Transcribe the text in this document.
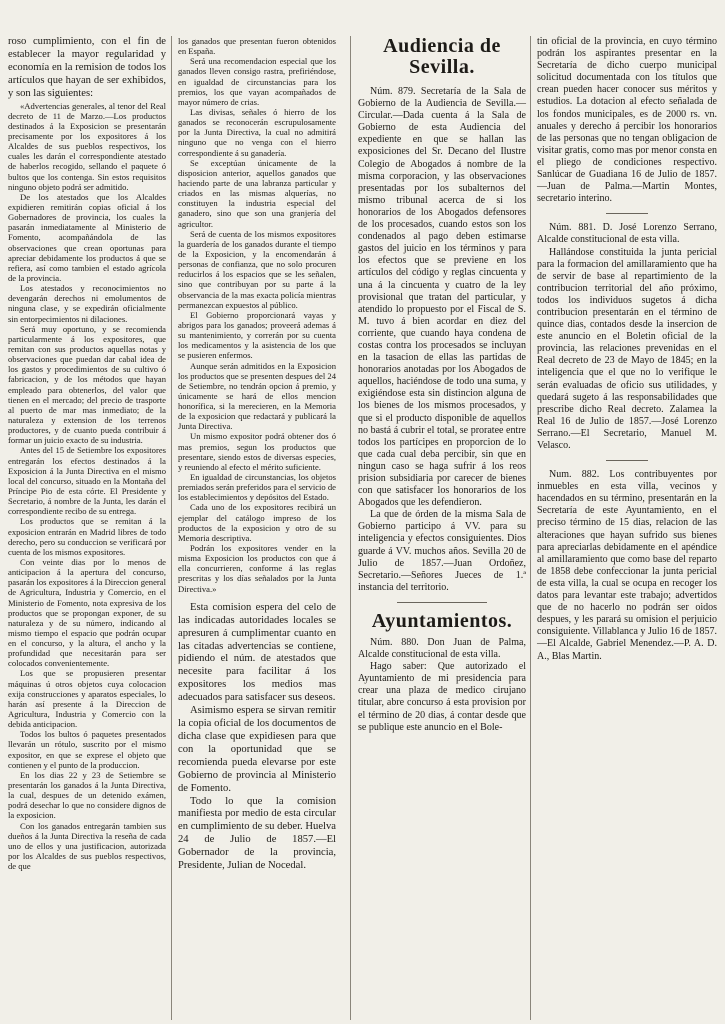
roso cumplimiento, con el fin de establecer la mayor regularidad y economía en la remision de todos los artículos que hayan de ser exhibidos, y son las siguientes:

«Advertencias generales, al tenor del Real decreto de 11 de Marzo.—Los productos destinados á la Exposicion se presentarán precisamente por los expositores á los Alcaldes de sus pueblos respectivos, los cuales les darán el correspondiente atestado de haberlos recogido, sellando el paquete ó bultos que los contenga. Sin estos requisitos ninguno objeto podrá ser admitido.

De los atestados que los Alcaldes expidieren remitirán copias oficial á los Gobernadores de provincia, los cuales la pasarán inmediatamente al Ministerio de Fomento, acompañándola de las observaciones que crean oportunas para apreciar debidamente los productos á que se refiera, así como tambien el estado agrícola de la provincia.

Los atestados y reconocimientos no devengarán derechos ni emolumentos de ninguna clase, y se expedirán oficialmente sin entorpecimientos ni dilaciones.

Será muy oportuno, y se recomienda particularmente á los expositores, que remitan con sus productos aquellas notas y observaciones que puedan dar cabal idea de los gastos y procedimientos de su cultivo ó fabricacion, y de los métodos que hayan empleado para obtenerlos, del valor que tienen en el mercado; del precio de trasporte al puerto de mar mas inmediato; de la naturaleza y extension de los terrenos productores, y de cuanto pueda contribuir á formar un juicio exacto de su industria.

Antes del 15 de Setiembre los expositores entregarán los efectos destinados á la Exposicion á la Junta Directiva en el mismo local del concurso, situado en la Montaña del Príncipe Pio de esta córte. El Presidente y Secretario, á nombre de la Junta, les darán el correspondiente recibo de su entrega.

Los productos que se remitan á la exposicion entrarán en Madrid libres de todo derecho, pero su conduccion se verificará por cuenta de los mismos expositores.

Con veinte dias por lo menos de anticipacion á la apertura del concurso, pasarán los expositores á la Direccion general de Agricultura, Industria y Comercio, en el Ministerio de Fomento, nota expresiva de los productos que se propongan exponer, de su naturaleza y de su número, indicando al mismo tiempo el espacio que podrán ocupar en el concurso, y la altura, el ancho y la profundidad que necesitarán para ser colocados convenientemente.

Los que se propusieren presentar máquinas ú otros objetos cuya colocacion exija construcciones y aparatos especiales, lo harán así presente á la Direccion de Agricultura, Industria y Comercio con la debida anticipacion.

Todos los bultos ó paquetes presentados llevarán un rótulo, suscrito por el mismo expositor, en que se exprese el objeto que contienen y el punto de la produccion.

En los dias 22 y 23 de Setiembre se presentarán los ganados á la Junta Directiva, la cual, despues de un detenido exámen, podrá desechar lo que no considere dignos de la exposicion.

Con los ganados entregarán tambien sus dueños á la Junta Directiva la reseña de cada uno de ellos y una justificacion, autorizada por los Alcaldes de sus pueblos respectivos, de que

los ganados que presentan fueron obtenidos en España.

Será una recomendacion especial que los ganados lleven consigo rastra, prefiriéndose, en igualdad de circunstancias para los premios, los que vayan acompañados de mayor número de crias.

Las divisas, señales ó hierro de los ganados se reconocerán escrupulosamente por la Junta Directiva, la cual no admitirá ninguno que no venga con el hierro correspondiente á su ganadería.

Se exceptúan únicamente de la disposicion anterior, aquellos ganados que haciendo parte de una labranza particular y criados en las mismas alquerías, no constituyen la industria especial del ganadero, sino que son una granjería del agricultor.

Será de cuenta de los mismos expositores la guardería de los ganados durante el tiempo de la Exposicion, y la encomendarán á personas de confianza, que no solo procuren reducirlos á los espacios que se les señalen, sino que contribuyan por su parte á la observancia de la mas exacta policía mientras permanezcan expuestos al público.

El Gobierno proporcionará vayas y abrigos para los ganados; proveerá ademas á su mantenimiento, y correrán por su cuenta los medicamentos y la asistencia de los que se pusieren enfermos.

Aunque serán admitidos en la Exposicion los productos que se presenten despues del 24 de Setiembre, no tendrán opcion á premio, y únicamente se hará de ellos mencion honorífica, si la merecieren, en la Memoria de la exposicion que redactará y publicará la Junta Directiva.

Un mismo expositor podrá obtener dos ó mas premios, segun los productos que presentare, siendo estos de diversas especies, y reuniendo al efecto el mérito suficiente.

En igualdad de circunstancias, los objetos premiados serán preferidos para el servicio de los establecimientos y depósitos del Estado.

Cada uno de los expositores recibirá un ejemplar del catálogo impreso de los productos de la exposicion y otro de su Memoria descriptiva.

Podrán los expositores vender en la misma Exposicion los productos con que á ella concurrieren, conforme á las reglas prescritas y los días señalados por la Junta Directiva.»

Esta comision espera del celo de las indicadas autoridades locales se apresuren á cumplimentar cuanto en las citadas advertencias se contiene, pidiendo el núm. de atestados que necesite para facilitar á los expositores los medios mas adecuados para satisfacer sus deseos.

Asimismo espera se sirvan remitir la copia oficial de los documentos de dicha clase que expidiesen para que con la oportunidad que se recomienda pueda elevarse por este Gobierno de provincia al Ministerio de Fomento.

Todo lo que la comision manifiesta por medio de esta circular en cumplimiento de su deber. Huelva 24 de Julio de 1857.—El Gobernador de la provincia, Presidente, Julian de Nocedal.

Audiencia de Sevilla.

Núm. 879. Secretaría de la Sala de Gobierno de la Audiencia de Sevilla.—Circular.—Dada cuenta á la Sala de Gobierno de esta Audiencia del expediente en que se hallan las exposiciones del Sr. Decano del Ilustre Colegio de Abogados á nombre de la misma corporacion, y las observaciones presentadas por los subalternos del mismo tribunal acerca de si los honorarios de los Abogados defensores de los procesados, cuando estos son los condenados al pago deben estimarse gastos del juicio en los términos y para los efectos que se previene en los artículos del código y reglas cincuenta y una á la cincuenta y cuatro de la ley provisional que tratan del particular, y atendido lo propuesto por el Fiscal de S. M. tuvo á bien acordar en diez del corriente, que cuando haya condena de costas contra los procesados se incluyan en la tasacion de ellas las partidas de honorarios anotadas por los Abogados de aquellos, haciéndose de todo una suma, y exigiéndose esta sin distincion alguna de los bienes de los mismos procesados, y que si el producto disponible de aquellos no bastá á cubrir el total, se proratee entre todos los partícipes en proporcion de lo que cada cual deba percibir, sin que en ningun caso se haga sufrir á los reos prision subsidiaria por carecer de bienes con que satisfacer los honorarios de los Abogados que les defendieron.

La que de órden de la misma Sala de Gobierno participo á VV. para su inteligencia y efectos consiguientes. Dios guarde á VV. muchos años. Sevilla 20 de Julio de 1857.—Juan Ordoñez, Secretario.—Señores Jueces de 1.ª instancia del territorio.

Ayuntamientos.

Núm. 880. Don Juan de Palma, Alcalde constitucional de esta villa.

Hago saber: Que autorizado el Ayuntamiento de mi presidencia para crear una plaza de medico cirujano titular, abre concurso á esta provision por el término de 20 dias, á contar desde que se publique este anuncio en el Bole-

tin oficial de la provincia, en cuyo término podrán los aspirantes presentar en la Secretaría de dicho cuerpo municipal solicitud documentada con los títulos que crean pueden hacer conocer sus méritos y estudios. La dotacion al efecto señalada de los fondos municipales, es de 2000 rs. vn. anuales y derecho á percibir los honorarios de las personas que no tengan obligacion de visitar gratis, como mas por menor consta en el pliego de condiciones respectivo. Sanlúcar de Guadiana 16 de Julio de 1857.—Juan de Palma.—Martin Montes, secretario interino.

Núm. 881. D. José Lorenzo Serrano, Alcalde constitucional de esta villa.

Hallándose constituida la junta pericial para la formacion del amillaramiento que ha de servir de base al repartimiento de la contribucion territorial del año próximo, todos los individuos sugetos á dicha contribucion presentarán en el término de quince dias, contados desde la insercion de este anuncio en el Boletin oficial de la provincia, las relaciones prevenidas en el Real decreto de 23 de Mayo de 1845; en la inteligencia que el que no lo verifique le serán evaluadas de oficio sus utilidades, y quedará sugeto á las responsabilidades que prescribe dicho Real decreto. Zalamea la Real 16 de Julio de 1857.—José Lorenzo Serrano.—El Secretario, Manuel M. Velasco.

Num. 882. Los contribuyentes por inmuebles en esta villa, vecinos y hacendados en su término, presentarán en la Secretaría de este Ayuntamiento, en el preciso término de 15 dias, relacion de las alteraciones que hayan sufrido sus bienes para apreciarlas debidamente en el apéndice al amillaramiento que como base del reparto de 1858 debe confeccionar la junta pericial de esta villa, la cual se ocupa en recoger los datos para levantar este trabajo; advertidos que de no hacerlo no podrán ser oidos despues, y les parará su omision el perjuicio consiguiente. Villablanca y Julio 16 de 1857. —El Alcalde, Gabriel Menendez.—P. A. D. A., Blas Martin.
